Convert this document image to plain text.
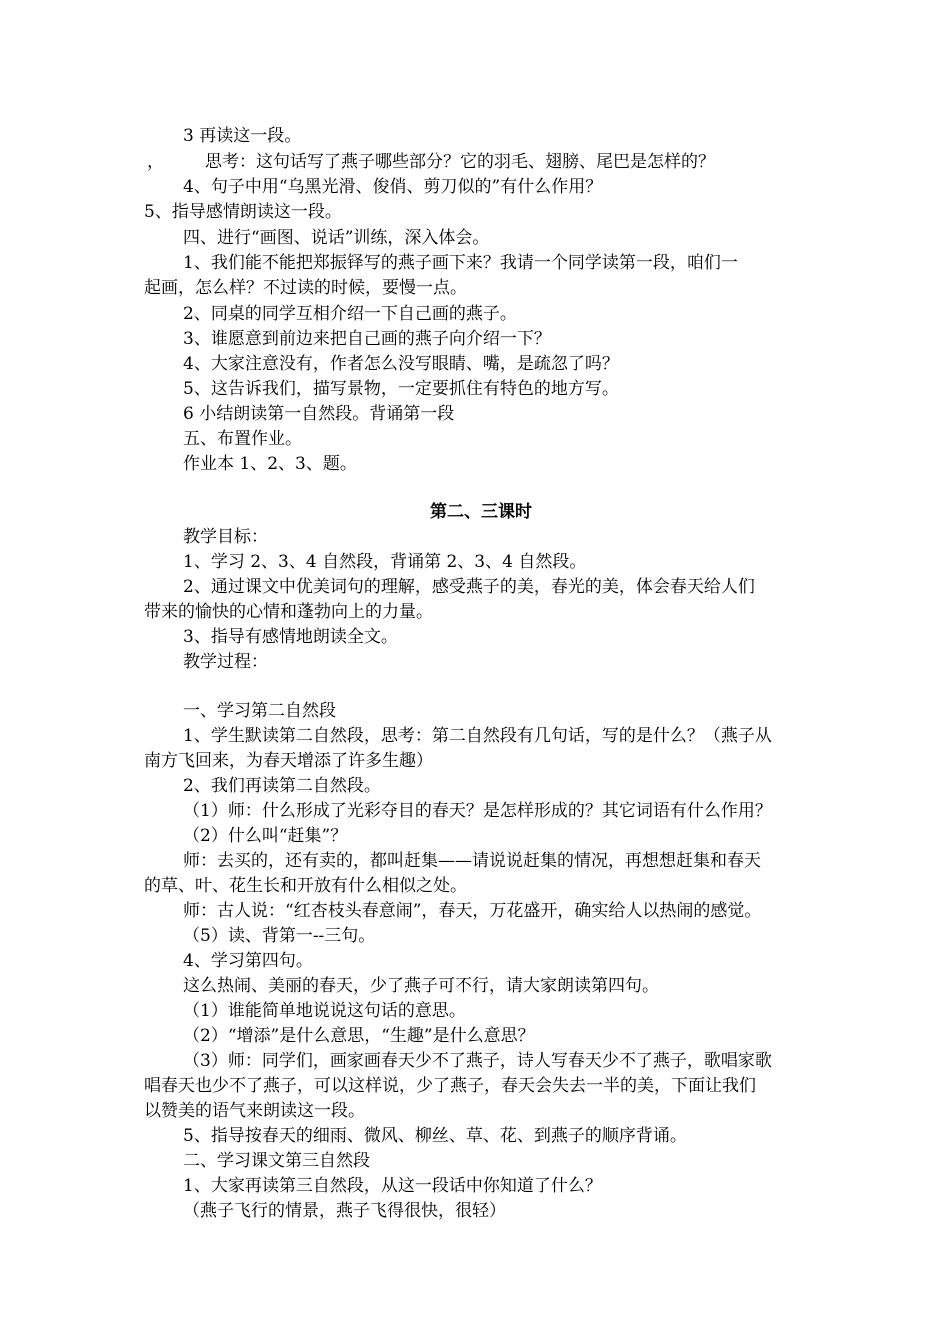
3 再读这一段。
， 思考：这句话写了燕子哪些部分？它的羽毛、翅膀、尾巴是怎样的？
4、句子中用“乌黑光滑、俊俏、剪刀似的”有什么作用？
5、指导感情朗读这一段。
四、进行“画图、说话”训练，深入体会。
1、我们能不能把郑振铎写的燕子画下来？我请一个同学读第一段，咱们一
起画，怎么样？不过读的时候，要慢一点。
2、同桌的同学互相介绍一下自己画的燕子。
3、谁愿意到前边来把自己画的燕子向介绍一下？
4、大家注意没有，作者怎么没写眼睛、嘴，是疏忽了吗？
5、这告诉我们，描写景物，一定要抓住有特色的地方写。
6 小结朗读第一自然段。背诵第一段
五、布置作业。
作业本 1、2、3、题。
第二、三课时
教学目标：
1、学习 2、3、4 自然段，背诵第 2、3、4 自然段。
2、通过课文中优美词句的理解，感受燕子的美，春光的美，体会春天给人们
带来的愉快的心情和蓬勃向上的力量。
3、指导有感情地朗读全文。
教学过程：
一、学习第二自然段
1、学生默读第二自然段，思考：第二自然段有几句话，写的是什么？（燕子从
南方飞回来，为春天增添了许多生趣）
2、我们再读第二自然段。
（1）师：什么形成了光彩夺目的春天？是怎样形成的？其它词语有什么作用？
（2）什么叫“赶集”？
师：去买的，还有卖的，都叫赶集——请说说赶集的情况，再想想赶集和春天
的草、叶、花生长和开放有什么相似之处。
师：古人说：“红杏枝头春意闹”，春天，万花盛开，确实给人以热闹的感觉。
（5）读、背第一--三句。
4、学习第四句。
这么热闹、美丽的春天，少了燕子可不行，请大家朗读第四句。
（1）谁能简单地说说这句话的意思。
（2）“增添”是什么意思，“生趣”是什么意思？
（3）师：同学们，画家画春天少不了燕子，诗人写春天少不了燕子，歌唱家歌
唱春天也少不了燕子，可以这样说，少了燕子，春天会失去一半的美，下面让我们
以赞美的语气来朗读这一段。
5、指导按春天的细雨、微风、柳丝、草、花、到燕子的顺序背诵。
二、学习课文第三自然段
1、大家再读第三自然段，从这一段话中你知道了什么？
（燕子飞行的情景，燕子飞得很快，很轻）
